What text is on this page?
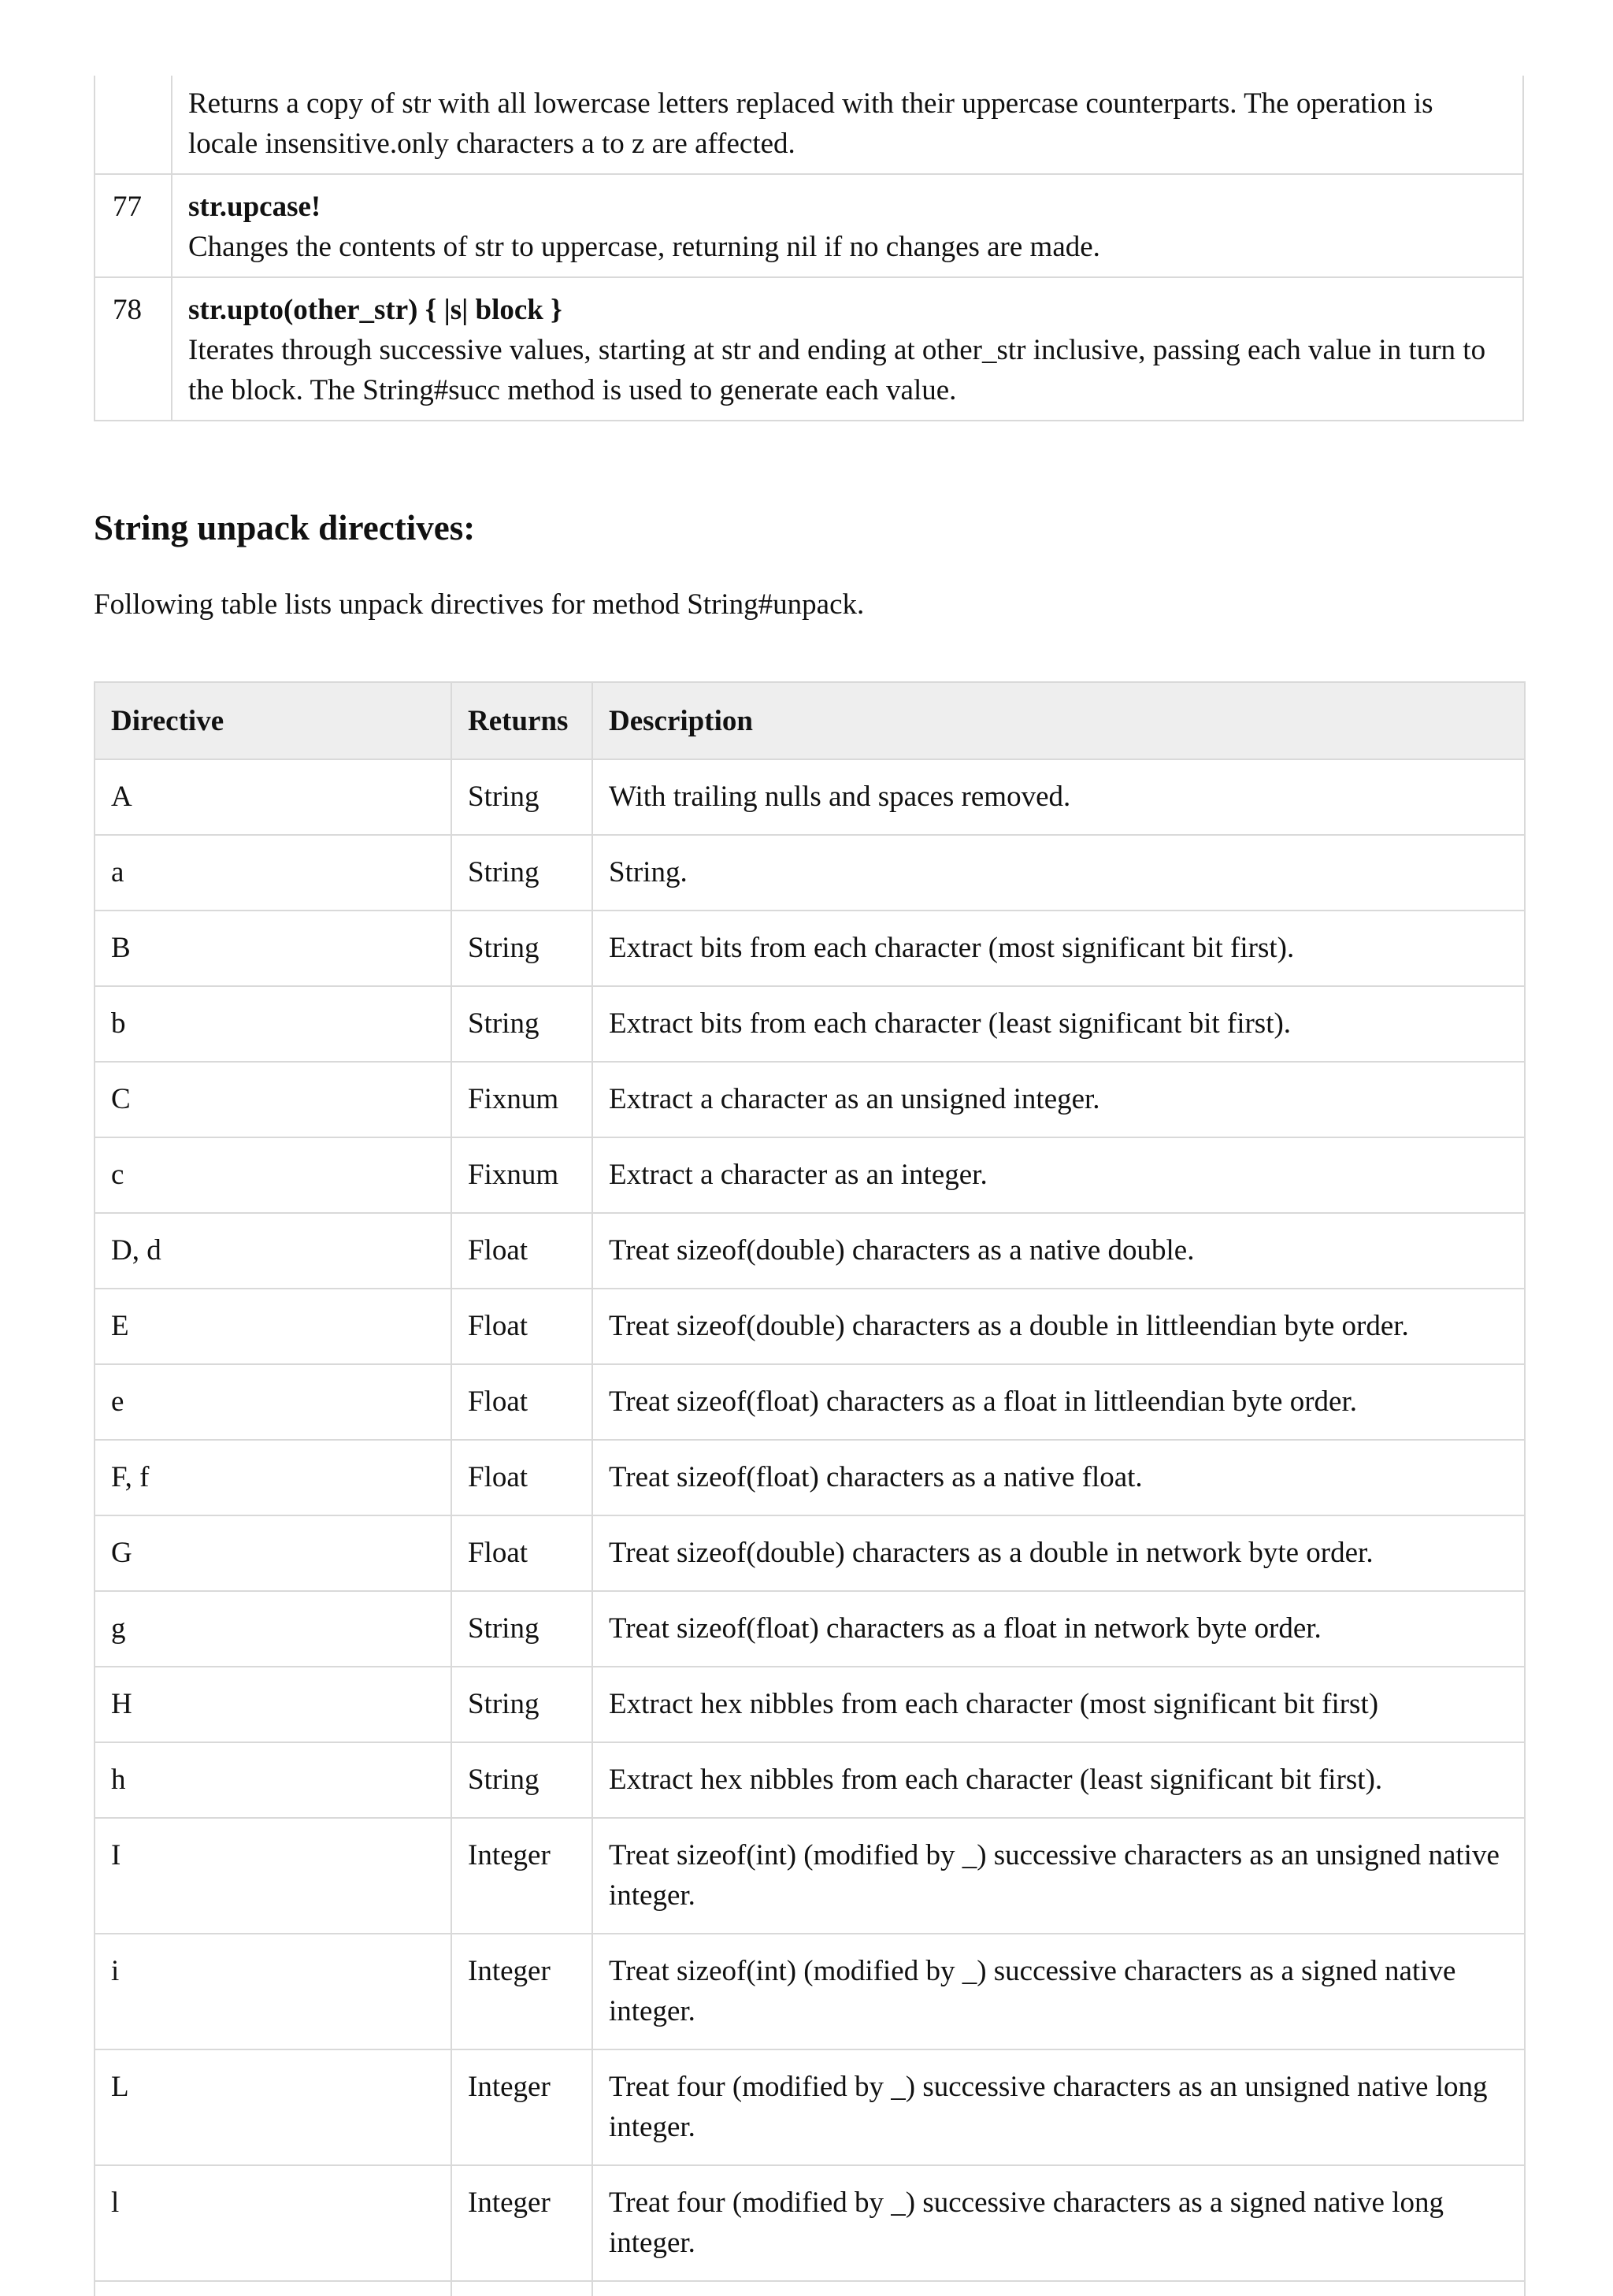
	Returns a copy of str with all lowercase letters replaced with their uppercase counterparts. The operation is locale insensitive.only characters a to z are affected.

77	str.upcase!
Changes the contents of str to uppercase, returning nil if no changes are made.

78	str.upto(other_str) { |s| block }
Iterates through successive values, starting at str and ending at other_str inclusive, passing each value in turn to the block. The String#succ method is used to generate each value.
String unpack directives:

Following table lists unpack directives for method String#unpack.

Directive	Returns	Description
A	String	With trailing nulls and spaces removed.
a	String	String.
B	String	Extract bits from each character (most significant bit first).
b	String	Extract bits from each character (least significant bit first).
C	Fixnum	Extract a character as an unsigned integer.
c	Fixnum	Extract a character as an integer.
D, d	Float	Treat sizeof(double) characters as a native double.
E	Float	Treat sizeof(double) characters as a double in littleendian byte order.
e	Float	Treat sizeof(float) characters as a float in littleendian byte order.
F, f	Float	Treat sizeof(float) characters as a native float.
G	Float	Treat sizeof(double) characters as a double in network byte order.
g	String	Treat sizeof(float) characters as a float in network byte order.
H	String	Extract hex nibbles from each character (most significant bit first)
h	String	Extract hex nibbles from each character (least significant bit first).
I	Integer	Treat sizeof(int) (modified by _) successive characters as an unsigned native integer.
i	Integer	Treat sizeof(int) (modified by _) successive characters as a signed native integer.
L	Integer	Treat four (modified by _) successive characters as an unsigned native long integer.
l	Integer	Treat four (modified by _) successive characters as a signed native long integer.
